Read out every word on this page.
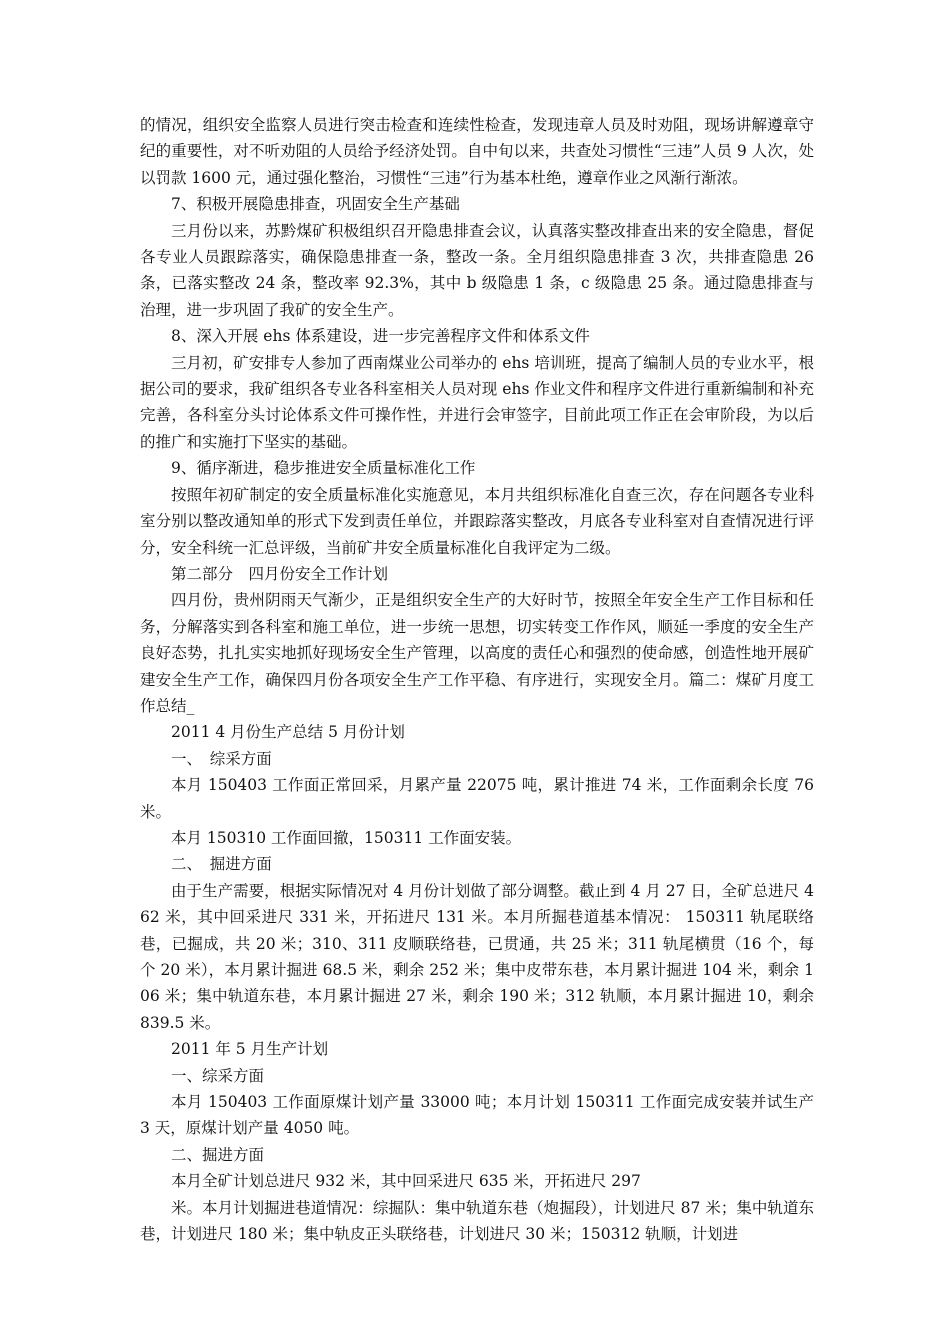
的情况，组织安全监察人员进行突击检查和连续性检查，发现违章人员及时劝阻，现场讲解遵章守纪的重要性，对不听劝阻的人员给予经济处罚。自中旬以来，共查处习惯性“三违”人员 9 人次，处以罚款 1600 元，通过强化整治，习惯性“三违”行为基本杜绝，遵章作业之风渐行渐浓。

7、积极开展隐患排查，巩固安全生产基础

三月份以来，苏黔煤矿积极组织召开隐患排查会议，认真落实整改排查出来的安全隐患，督促各专业人员跟踪落实，确保隐患排查一条，整改一条。全月组织隐患排查 3 次，共排查隐患 26 条，已落实整改 24 条，整改率 92.3%，其中 b 级隐患 1 条，c 级隐患 25 条。通过隐患排查与治理，进一步巩固了我矿的安全生产。

8、深入开展 ehs 体系建设，进一步完善程序文件和体系文件

三月初，矿安排专人参加了西南煤业公司举办的 ehs 培训班，提高了编制人员的专业水平，根据公司的要求，我矿组织各专业各科室相关人员对现 ehs 作业文件和程序文件进行重新编制和补充完善，各科室分头讨论体系文件可操作性，并进行会审签字，目前此项工作正在会审阶段，为以后的推广和实施打下坚实的基础。

9、循序渐进，稳步推进安全质量标准化工作

按照年初矿制定的安全质量标准化实施意见，本月共组织标准化自查三次，存在问题各专业科室分别以整改通知单的形式下发到责任单位，并跟踪落实整改，月底各专业科室对自查情况进行评分，安全科统一汇总评级，当前矿井安全质量标准化自我评定为二级。

第二部分　四月份安全工作计划

四月份，贵州阴雨天气渐少，正是组织安全生产的大好时节，按照全年安全生产工作目标和任务，分解落实到各科室和施工单位，进一步统一思想，切实转变工作作风，顺延一季度的安全生产良好态势，扎扎实实地抓好现场安全生产管理，以高度的责任心和强烈的使命感，创造性地开展矿建安全生产工作，确保四月份各项安全生产工作平稳、有序进行，实现安全月。篇二：煤矿月度工作总结_

2011 4 月份生产总结 5 月份计划

一、　综采方面

本月 150403 工作面正常回采，月累产量 22075 吨，累计推进 74 米，工作面剩余长度 76 米。

本月 150310 工作面回撤，150311 工作面安装。

二、　掘进方面

由于生产需要，根据实际情况对 4 月份计划做了部分调整。截止到 4 月 27 日，全矿总进尺 462 米，其中回采进尺 331 米，开拓进尺 131 米。本月所掘巷道基本情况： 150311 轨尾联络巷，已掘成，共 20 米；310、311 皮顺联络巷，已贯通，共 25 米；311 轨尾横贯（16 个，每个 20 米），本月累计掘进 68.5 米，剩余 252 米；集中皮带东巷，本月累计掘进 104 米，剩余 106 米；集中轨道东巷，本月累计掘进 27 米，剩余 190 米；312 轨顺，本月累计掘进 10，剩余 839.5 米。

2011 年 5 月生产计划

一、综采方面

本月 150403 工作面原煤计划产量 33000 吨；本月计划 150311 工作面完成安装并试生产 3 天，原煤计划产量 4050 吨。

二、掘进方面

本月全矿计划总进尺 932 米，其中回采进尺 635 米，开拓进尺 297

米。本月计划掘进巷道情况：综掘队：集中轨道东巷（炮掘段），计划进尺 87 米；集中轨道东巷，计划进尺 180 米；集中轨皮正头联络巷，计划进尺 30 米；150312 轨顺，计划进
